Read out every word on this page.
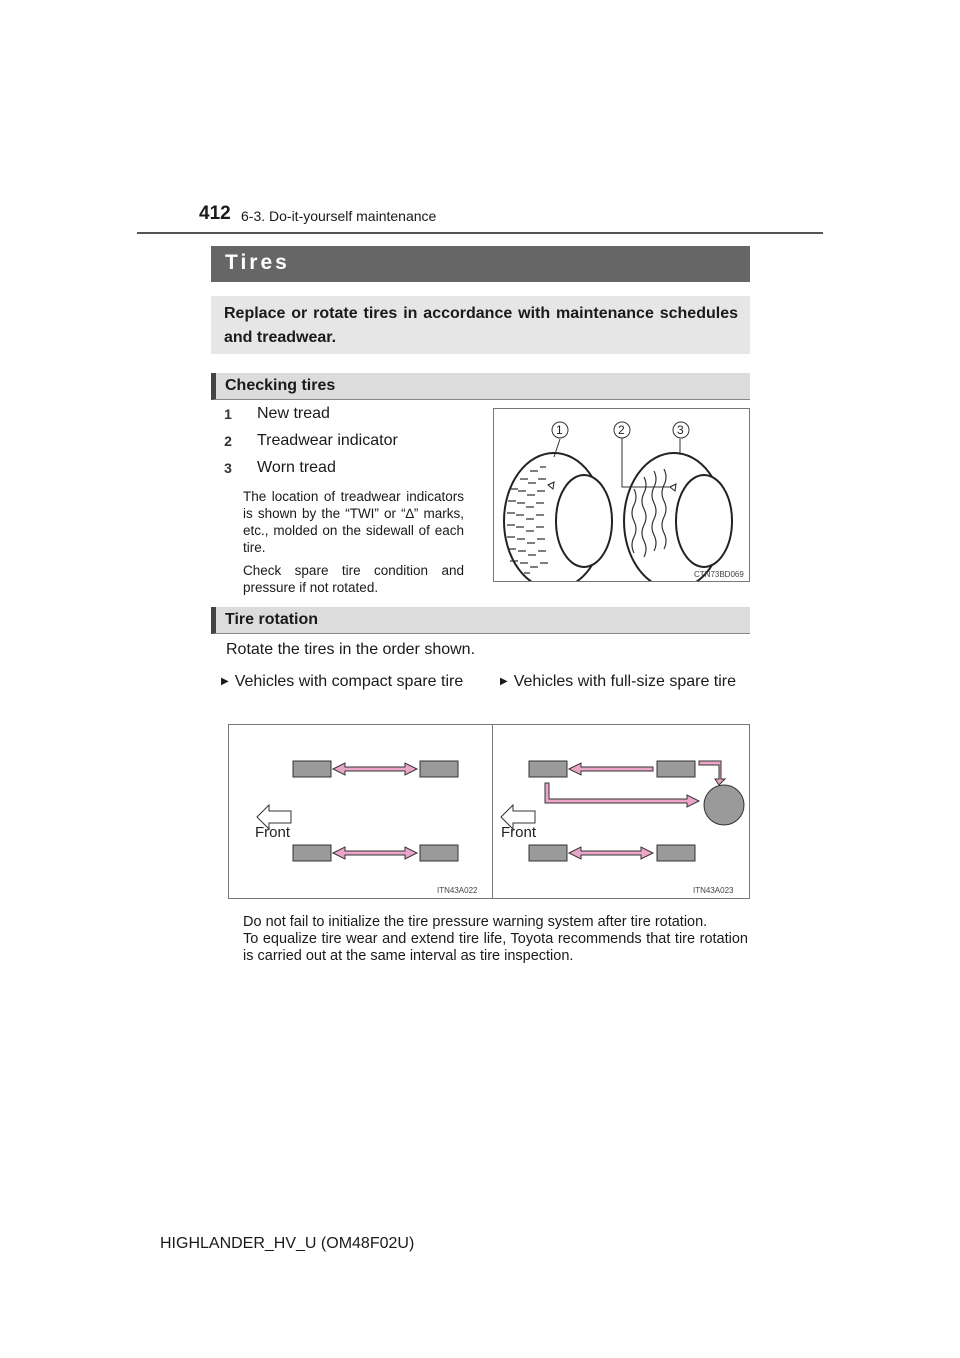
412 6-3. Do-it-yourself maintenance
Tires
Replace or rotate tires in accordance with maintenance schedules and treadwear.
Checking tires
1	New tread
2	Treadwear indicator
3	Worn tread
The location of treadwear indicators is shown by the “TWI” or “∆” marks, etc., molded on the sidewall of each tire.
Check spare tire condition and pressure if not rotated.
1	2	3
CTN73BD069
Tire rotation
Rotate the tires in the order shown.
▶ Vehicles with compact spare tire	▶ Vehicles with full-size spare tire
Front
ITN43A022
Front
ITN43A023
Do not fail to initialize the tire pressure warning system after tire rotation.
To equalize tire wear and extend tire life, Toyota recommends that tire rotation is carried out at the same interval as tire inspection.
HIGHLANDER_HV_U (OM48F02U)
